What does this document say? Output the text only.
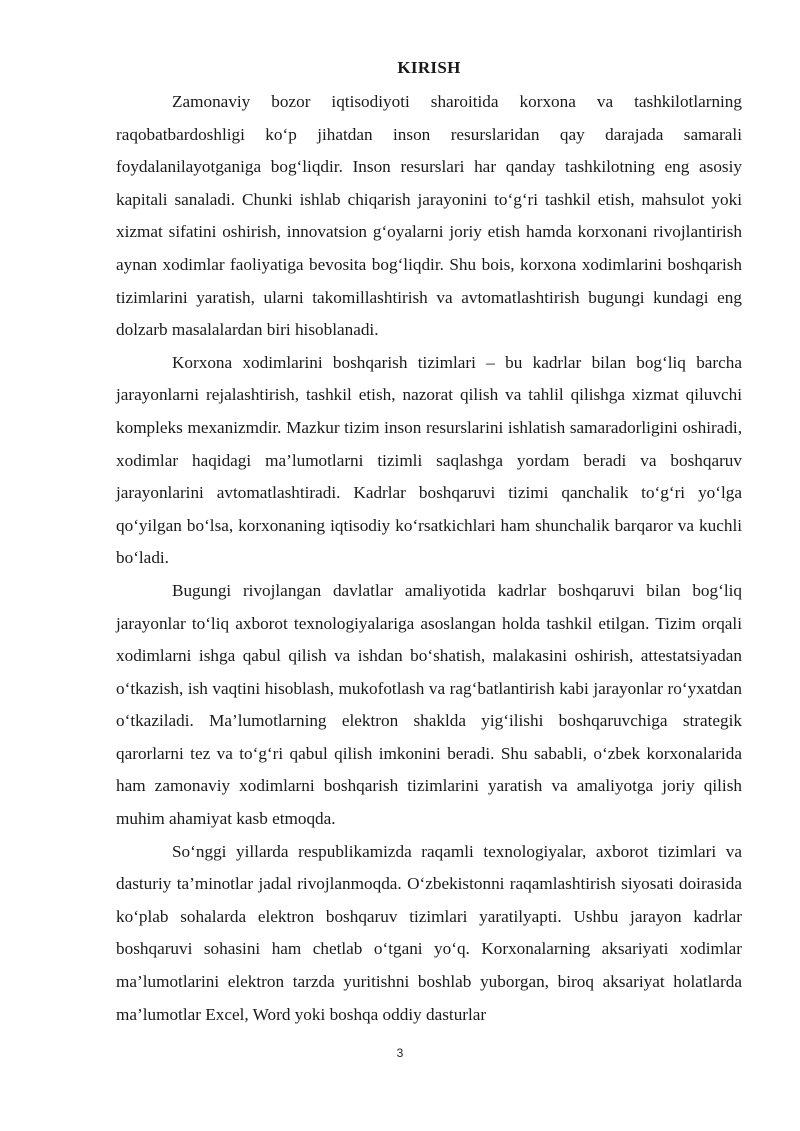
KIRISH

Zamonaviy bozor iqtisodiyoti sharoitida korxona va tashkilotlarning raqobatbardoshligi ko‘p jihatdan inson resurslaridan qay darajada samarali foydalanilayotganiga bog‘liqdir. Inson resurslari har qanday tashkilotning eng asosiy kapitali sanaladi. Chunki ishlab chiqarish jarayonini to‘g‘ri tashkil etish, mahsulot yoki xizmat sifatini oshirish, innovatsion g‘oyalarni joriy etish hamda korxonani rivojlantirish aynan xodimlar faoliyatiga bevosita bog‘liqdir. Shu bois, korxona xodimlarini boshqarish tizimlarini yaratish, ularni takomillashtirish va avtomatlashtirish bugungi kundagi eng dolzarb masalalardan biri hisoblanadi.

Korxona xodimlarini boshqarish tizimlari – bu kadrlar bilan bog‘liq barcha jarayonlarni rejalashtirish, tashkil etish, nazorat qilish va tahlil qilishga xizmat qiluvchi kompleks mexanizmdir. Mazkur tizim inson resurslarini ishlatish samaradorligini oshiradi, xodimlar haqidagi ma’lumotlarni tizimli saqlashga yordam beradi va boshqaruv jarayonlarini avtomatlashtiradi. Kadrlar boshqaruvi tizimi qanchalik to‘g‘ri yo‘lga qo‘yilgan bo‘lsa, korxonaning iqtisodiy ko‘rsatkichlari ham shunchalik barqaror va kuchli bo‘ladi.

Bugungi rivojlangan davlatlar amaliyotida kadrlar boshqaruvi bilan bog‘liq jarayonlar to‘liq axborot texnologiyalariga asoslangan holda tashkil etilgan. Tizim orqali xodimlarni ishga qabul qilish va ishdan bo‘shatish, malakasini oshirish, attestatsiyadan o‘tkazish, ish vaqtini hisoblash, mukofotlash va rag‘batlantirish kabi jarayonlar ro‘yxatdan o‘tkaziladi. Ma’lumotlarning elektron shaklda yig‘ilishi boshqaruvchiga strategik qarorlarni tez va to‘g‘ri qabul qilish imkonini beradi. Shu sababli, o‘zbek korxonalarida ham zamonaviy xodimlarni boshqarish tizimlarini yaratish va amaliyotga joriy qilish muhim ahamiyat kasb etmoqda.

So‘nggi yillarda respublikamizda raqamli texnologiyalar, axborot tizimlari va dasturiy ta’minotlar jadal rivojlanmoqda. O‘zbekistonni raqamlashtirish siyosati doirasida ko‘plab sohalarda elektron boshqaruv tizimlari yaratilyapti. Ushbu jarayon kadrlar boshqaruvi sohasini ham chetlab o‘tgani yo‘q. Korxonalarning aksariyati xodimlar ma’lumotlarini elektron tarzda yuritishni boshlab yuborgan, biroq aksariyat holatlarda ma’lumotlar Excel, Word yoki boshqa oddiy dasturlar

3
